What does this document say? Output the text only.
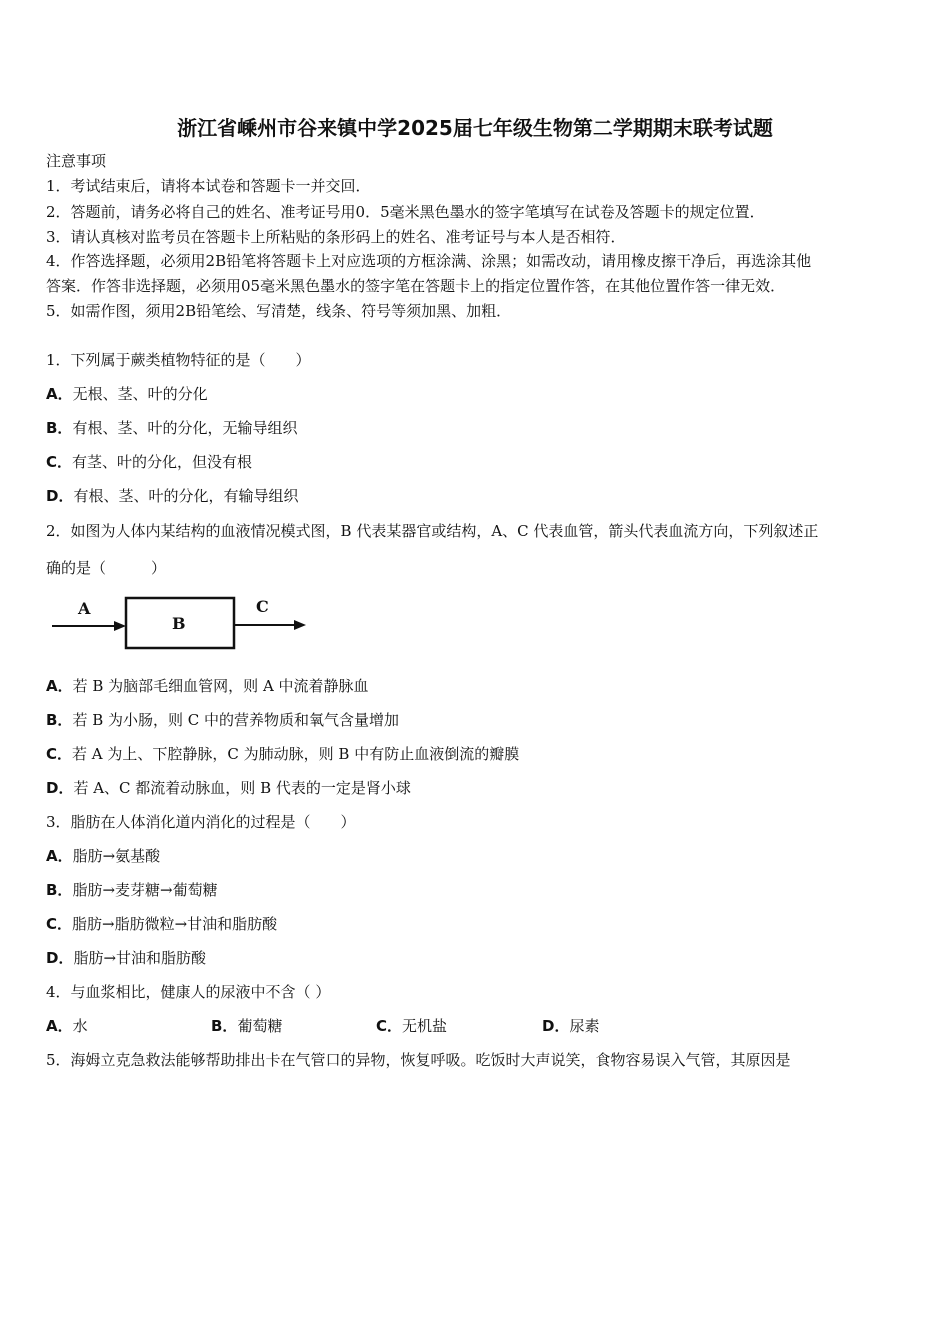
浙江省嵊州市谷来镇中学2025届七年级生物第二学期期末联考试题
注意事项
1．考试结束后，请将本试卷和答题卡一并交回．
2．答题前，请务必将自己的姓名、准考证号用0．5毫米黑色墨水的签字笔填写在试卷及答题卡的规定位置．
3．请认真核对监考员在答题卡上所粘贴的条形码上的姓名、准考证号与本人是否相符．
4．作答选择题，必须用2B铅笔将答题卡上对应选项的方框涂满、涂黑；如需改动，请用橡皮擦干净后，再选涂其他
答案．作答非选择题，必须用05毫米黑色墨水的签字笔在答题卡上的指定位置作答，在其他位置作答一律无效．
5．如需作图，须用2B铅笔绘、写清楚，线条、符号等须加黑、加粗．
1．下列属于蕨类植物特征的是（　　）
A．无根、茎、叶的分化
B．有根、茎、叶的分化，无输导组织
C．有茎、叶的分化，但没有根
D．有根、茎、叶的分化，有输导组织
2．如图为人体内某结构的血液情况模式图，B 代表某器官或结构，A、C 代表血管，箭头代表血流方向，下列叙述正
确的是（　　　）
A
B
C
A．若 B 为脑部毛细血管网，则 A 中流着静脉血
B．若 B 为小肠，则 C 中的营养物质和氧气含量增加
C．若 A 为上、下腔静脉，C 为肺动脉，则 B 中有防止血液倒流的瓣膜
D．若 A、C 都流着动脉血，则 B 代表的一定是肾小球
3．脂肪在人体消化道内消化的过程是（　　）
A．脂肪→氨基酸
B．脂肪→麦芽糖→葡萄糖
C．脂肪→脂肪微粒→甘油和脂肪酸
D．脂肪→甘油和脂肪酸
4．与血浆相比，健康人的尿液中不含（ ）
A．水	B．葡萄糖	C．无机盐	D．尿素
5．海姆立克急救法能够帮助排出卡在气管口的异物，恢复呼吸。吃饭时大声说笑，食物容易误入气管，其原因是
